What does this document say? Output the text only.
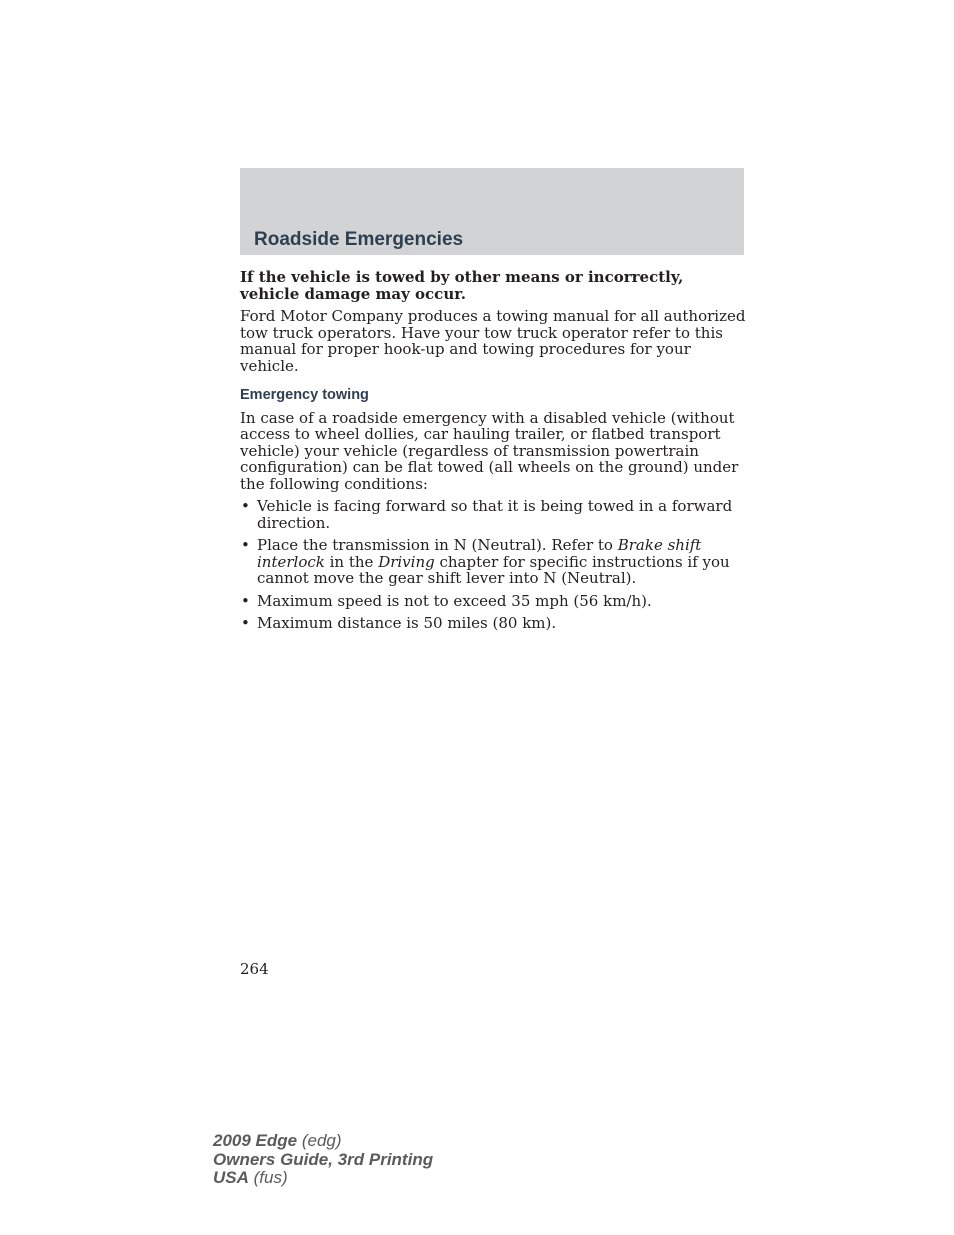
Roadside Emergencies

If the vehicle is towed by other means or incorrectly, vehicle damage may occur.

Ford Motor Company produces a towing manual for all authorized tow truck operators. Have your tow truck operator refer to this manual for proper hook-up and towing procedures for your vehicle.

Emergency towing

In case of a roadside emergency with a disabled vehicle (without access to wheel dollies, car hauling trailer, or flatbed transport vehicle) your vehicle (regardless of transmission powertrain configuration) can be flat towed (all wheels on the ground) under the following conditions:

• Vehicle is facing forward so that it is being towed in a forward direction.
• Place the transmission in N (Neutral). Refer to Brake shift interlock in the Driving chapter for specific instructions if you cannot move the gear shift lever into N (Neutral).
• Maximum speed is not to exceed 35 mph (56 km/h).
• Maximum distance is 50 miles (80 km).
264
2009 Edge (edg)
Owners Guide, 3rd Printing
USA (fus)
